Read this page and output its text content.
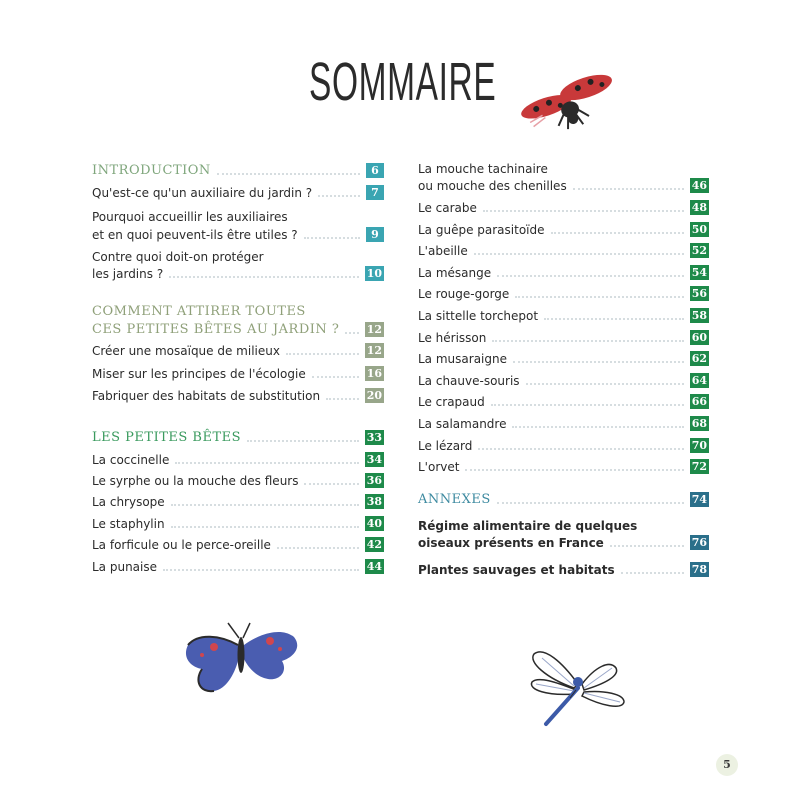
SOMMAIRE
INTRODUCTION	6
Qu'est-ce qu'un auxiliaire du jardin ?	7
Pourquoi accueillir les auxiliaires
et en quoi peuvent-ils être utiles ?	9
Contre quoi doit-on protéger
les jardins ?	10
COMMENT ATTIRER TOUTES
CES PETITES BÊTES AU JARDIN ? 12
Créer une mosaïque de milieux	12
Miser sur les principes de l'écologie	16
Fabriquer des habitats de substitution	20
LES PETITES BÊTES	33
La coccinelle	34
Le syrphe ou la mouche des fleurs	36
La chrysope	38
Le staphylin	40
La forficule ou le perce-oreille	42
La punaise	44
La mouche tachinaire
ou mouche des chenilles	46
Le carabe	48
La guêpe parasitoïde	50
L'abeille	52
La mésange	54
Le rouge-gorge	56
La sittelle torchepot	58
Le hérisson	60
La musaraigne	62
La chauve-souris	64
Le crapaud	66
La salamandre	68
Le lézard	70
L'orvet	72
ANNEXES	74
Régime alimentaire de quelques
oiseaux présents en France	76
Plantes sauvages et habitats	78
5
